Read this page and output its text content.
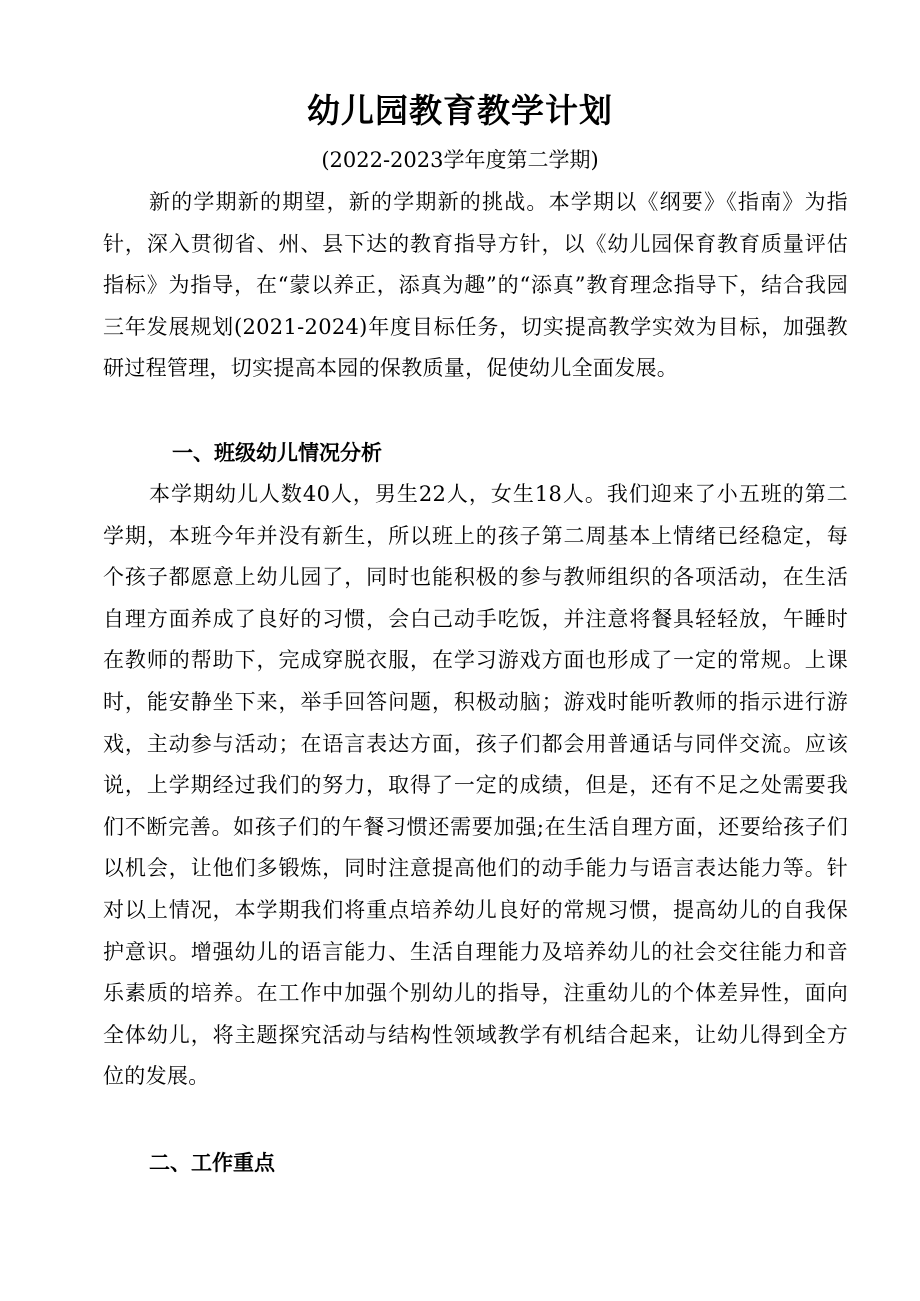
幼儿园教育教学计划
(2022-2023学年度第二学期)

新的学期新的期望，新的学期新的挑战。本学期以《纲要》《指南》为指针，深入贯彻省、州、县下达的教育指导方针，以《幼儿园保育教育质量评估指标》为指导，在“蒙以养正，添真为趣”的“添真”教育理念指导下，结合我园三年发展规划(2021-2024)年度目标任务，切实提高教学实效为目标，加强教研过程管理，切实提高本园的保教质量，促使幼儿全面发展。

一、班级幼儿情况分析

本学期幼儿人数40人，男生22人，女生18人。我们迎来了小五班的第二学期，本班今年并没有新生，所以班上的孩子第二周基本上情绪已经稳定，每个孩子都愿意上幼儿园了，同时也能积极的参与教师组织的各项活动，在生活自理方面养成了良好的习惯，会白己动手吃饭，并注意将餐具轻轻放，午睡时在教师的帮助下，完成穿脱衣服，在学习游戏方面也形成了一定的常规。上课时，能安静坐下来，举手回答问题，积极动脑；游戏时能听教师的指示进行游戏，主动参与活动；在语言表达方面，孩子们都会用普通话与同伴交流。应该说，上学期经过我们的努力，取得了一定的成绩，但是，还有不足之处需要我们不断完善。如孩子们的午餐习惯还需要加强;在生活自理方面，还要给孩子们以机会，让他们多锻炼，同时注意提高他们的动手能力与语言表达能力等。针对以上情况，本学期我们将重点培养幼儿良好的常规习惯，提高幼儿的自我保护意识。增强幼儿的语言能力、生活自理能力及培养幼儿的社会交往能力和音乐素质的培养。在工作中加强个别幼儿的指导，注重幼儿的个体差异性，面向全体幼儿，将主题探究活动与结构性领域教学有机结合起来，让幼儿得到全方位的发展。

二、工作重点
